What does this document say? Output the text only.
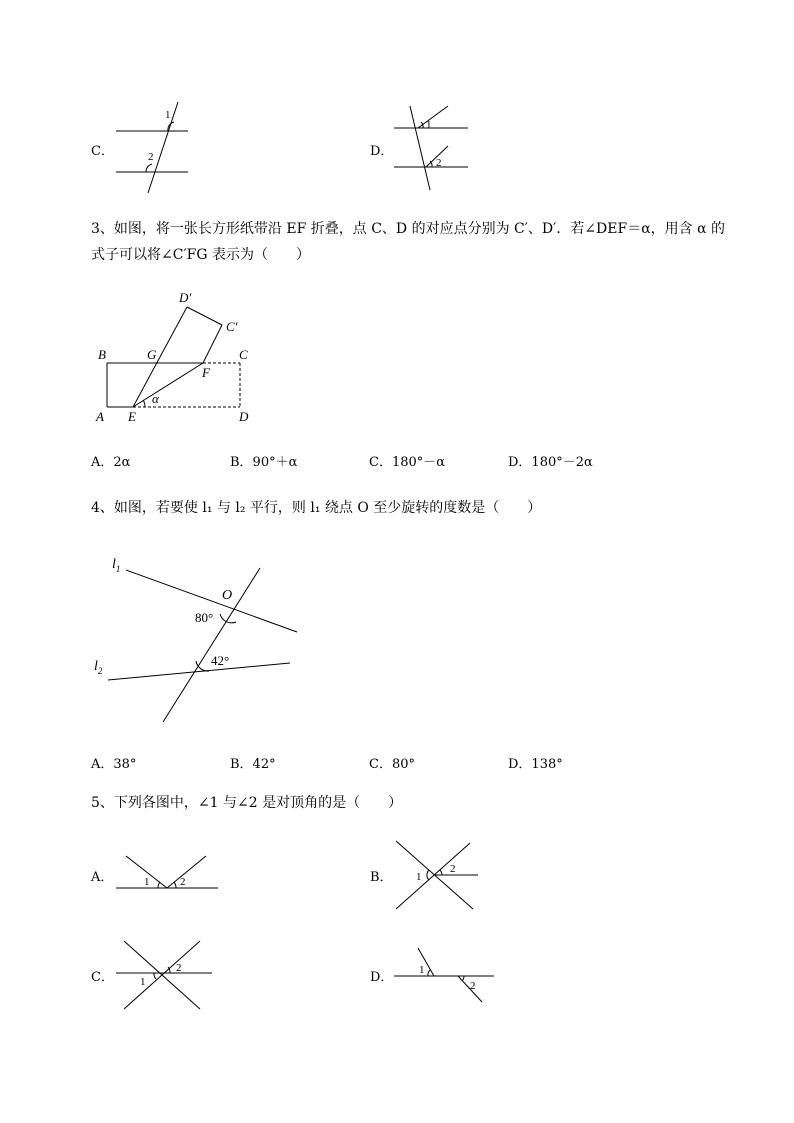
C．
1
2	D．
1
2
3、如图，将一张长方形纸带沿 EF 折叠，点 C、D 的对应点分别为 C′、D′．若∠DEF＝α，用含 α 的
式子可以将∠C′FG 表示为（　　）
D′
C′
B	G	C
F
A E	D
α
A．2α	B．90°＋α	C．180°－α	D．180°－2α
4、如图，若要使 l₁ 与 l₂ 平行，则 l₁ 绕点 O 至少旋转的度数是（　　）
$l_1$
$l_2$
O
80°
42°
A．38°	B．42°	C．80°	D．138°
5、下列各图中，∠1 与∠2 是对顶角的是（　　）
A．	1	2	B． 1
2
C．
2
1	D． 1
2
